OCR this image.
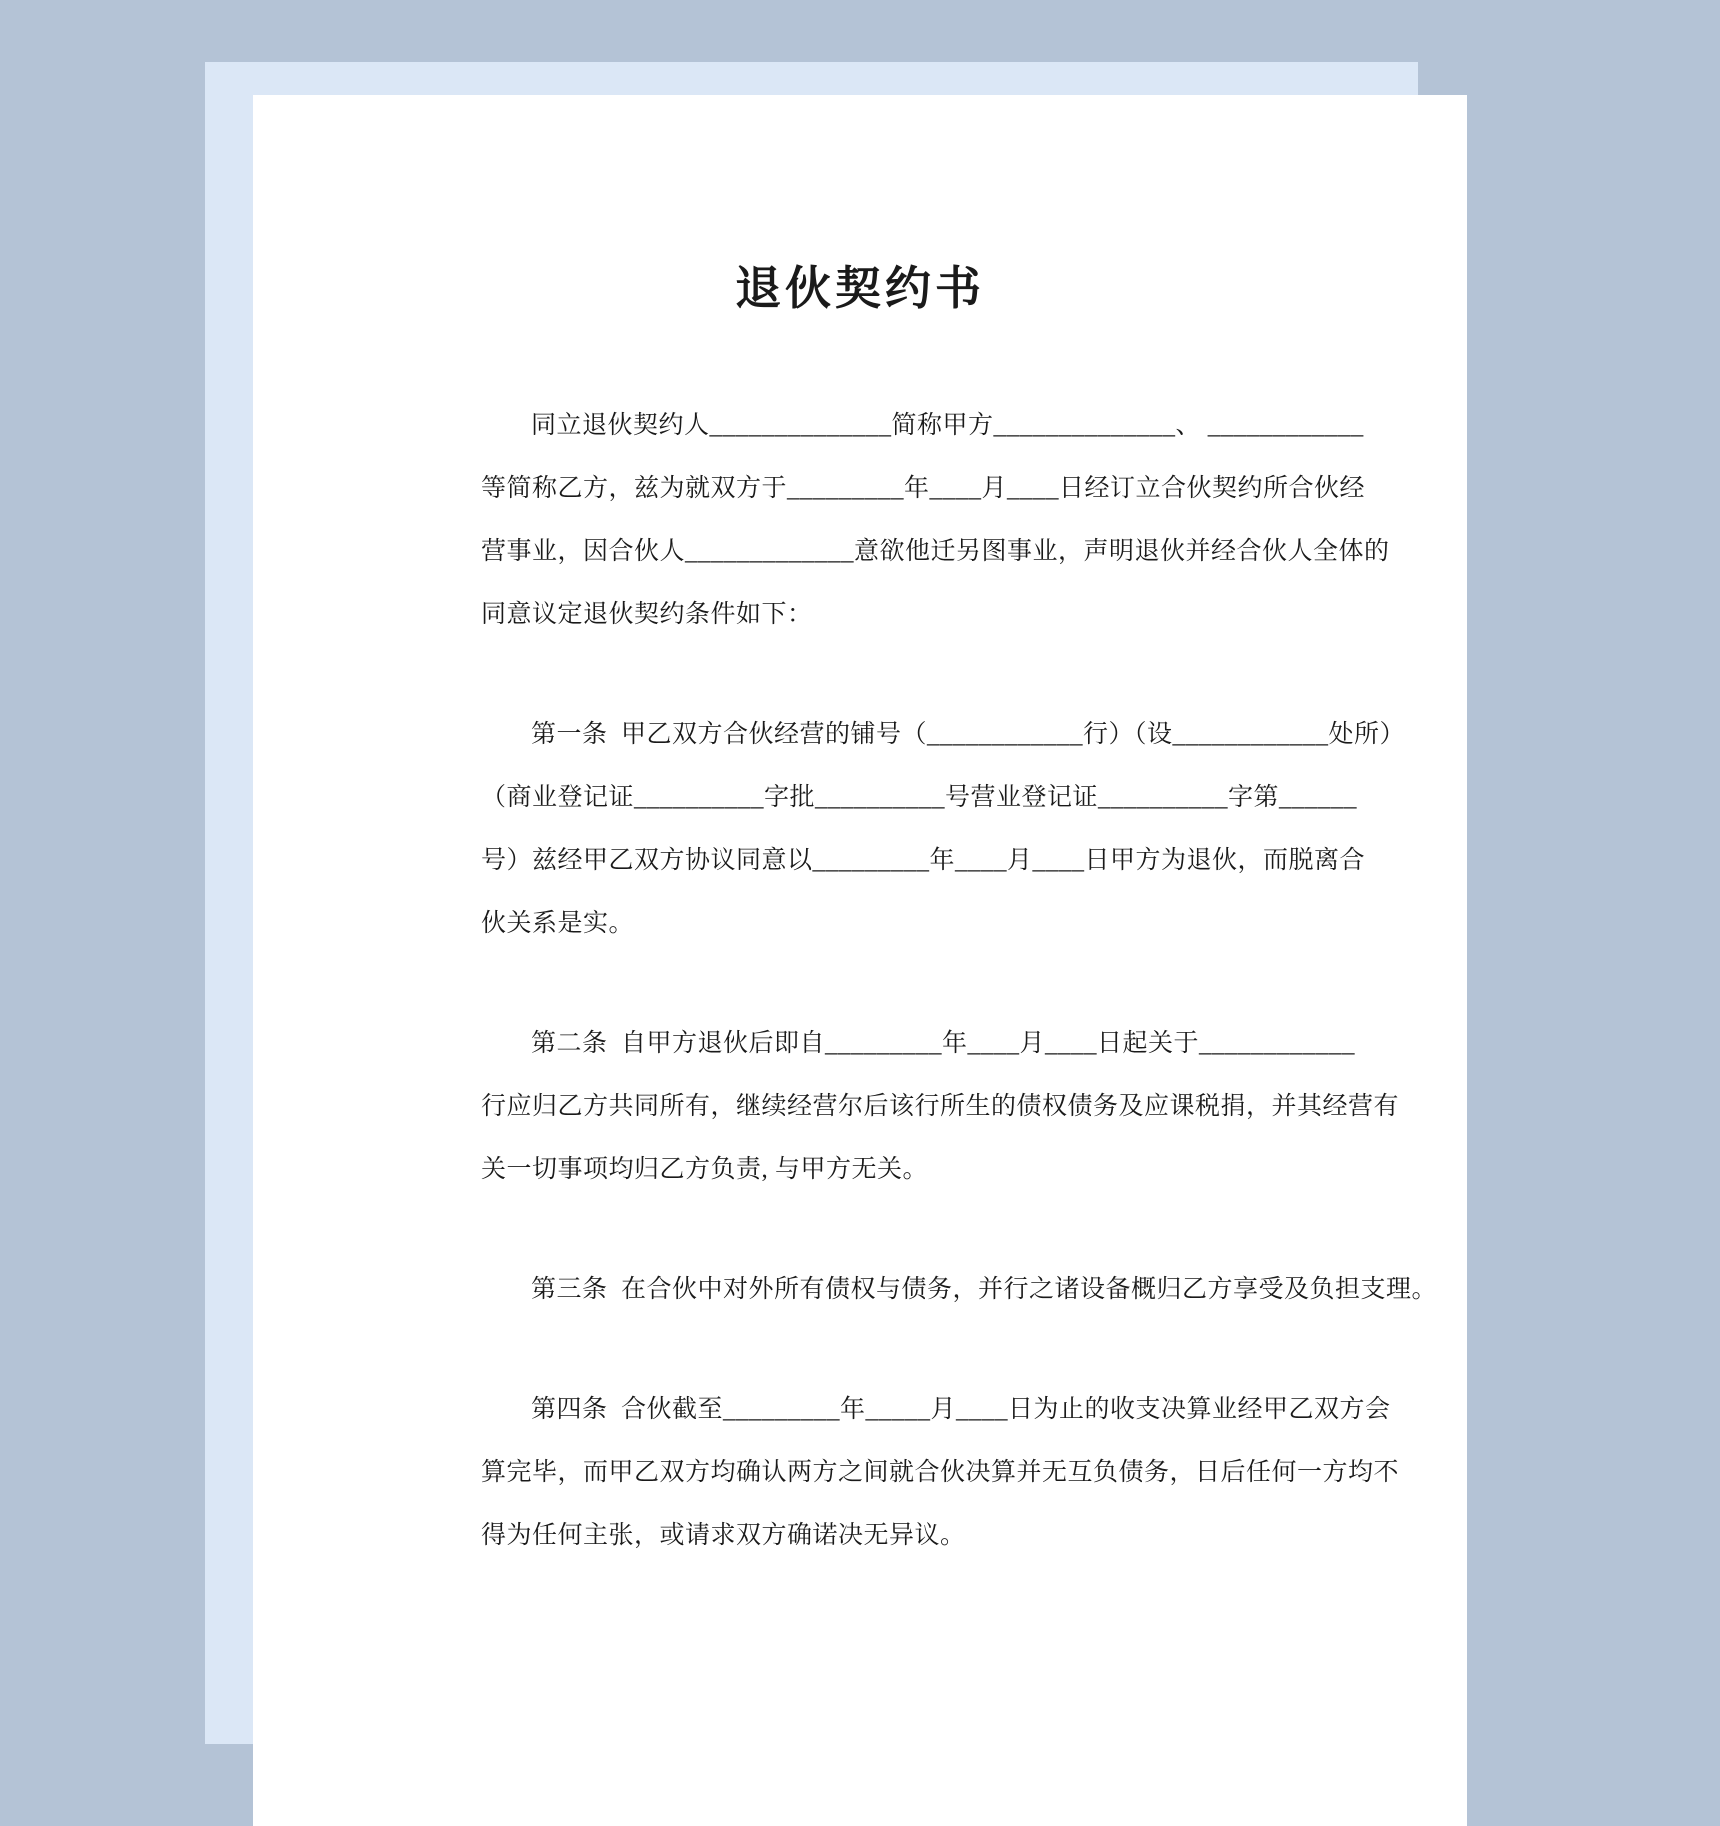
退伙契约书
同立退伙契约人______________简称甲方______________、 ____________
等简称乙方，兹为就双方于_________年____月____日经订立合伙契约所合伙经
营事业，因合伙人_____________意欲他迁另图事业，声明退伙并经合伙人全体的
同意议定退伙契约条件如下：
第一条  甲乙双方合伙经营的铺号（____________行）（设____________处所）
（商业登记证__________字批__________号营业登记证__________字第______
号）兹经甲乙双方协议同意以_________年____月____日甲方为退伙，而脱离合
伙关系是实。
第二条  自甲方退伙后即自_________年____月____日起关于____________
行应归乙方共同所有，继续经营尔后该行所生的债权债务及应课税捐，并其经营有
关一切事项均归乙方负责, 与甲方无关。
第三条  在合伙中对外所有债权与债务，并行之诸设备概归乙方享受及负担支理。
第四条  合伙截至_________年_____月____日为止的收支决算业经甲乙双方会
算完毕，而甲乙双方均确认两方之间就合伙决算并无互负债务，日后任何一方均不
得为任何主张，或请求双方确诺决无异议。
